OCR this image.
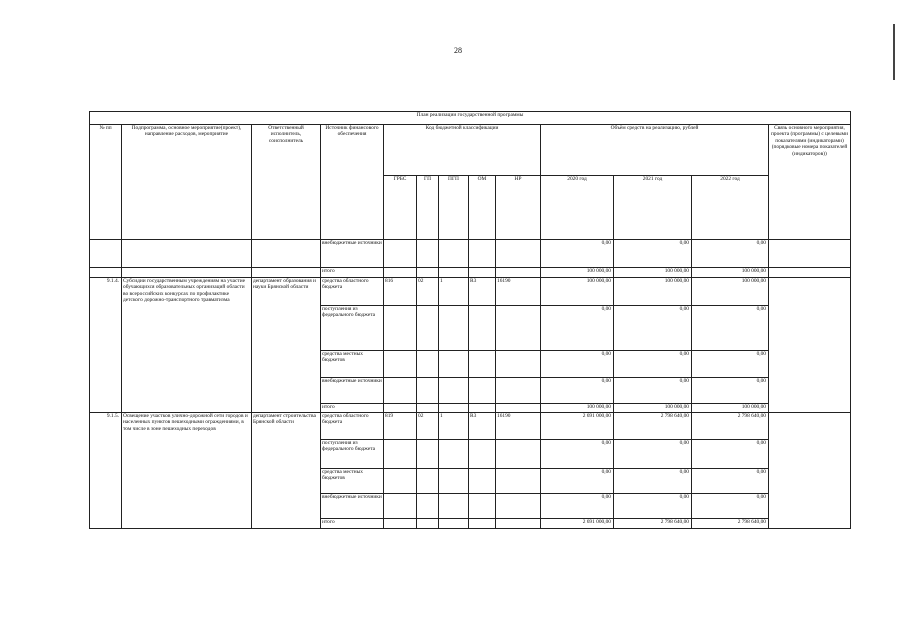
28
План реализации государственной программы												
№ пп	Подпрограмма, основное мероприятие(проект), направление расходов, мероприятие	Ответственный исполнитель, соисполнитель	Источник финансового обеспечения	Код бюджетной классификации					Объём средств на реализацию, рублей			Связь основного мероприятия, проекта (программы) с целевыми показателями (индикаторами) (порядковые номера показателей (индикаторов))
				ГРБС	ГП	ПГП	ОМ	НР	2020 год	2021 год	2022 год	
			внебюджетные источники						0,00	0,00	0,00	
			итого						100 000,00	100 000,00	100 000,00	
9.1.4.	Субсидии государственным учреждениям на участие обучающихся образовательных организаций области во всероссийских конкурсах по профилактике детского дорожно-транспортного травматизма	департамент образования и науки Брянской области	средства областного бюджета	816	02	1	R3	16190	100 000,00	100 000,00	100 000,00	
			поступления из федерального бюджета						0,00	0,00	0,00	
			средства местных бюджетов						0,00	0,00	0,00	
			внебюджетные источники						0,00	0,00	0,00	
			итого						100 000,00	100 000,00	100 000,00	
9.1.5.	Освещение участков улично-дорожной сети городов и населенных пунктов пешеходными ограждениями, в том числе в зоне пешеходных переходов	департамент строительства Брянской области	средства областного бюджета	819	02	1	R3	16190	2 691 000,00	2 798 640,00	2 798 640,00	
			поступления из федерального бюджета						0,00	0,00	0,00	
			средства местных бюджетов						0,00	0,00	0,00	
			внебюджетные источники						0,00	0,00	0,00	
			итого						2 691 000,00	2 798 640,00	2 798 640,00	
